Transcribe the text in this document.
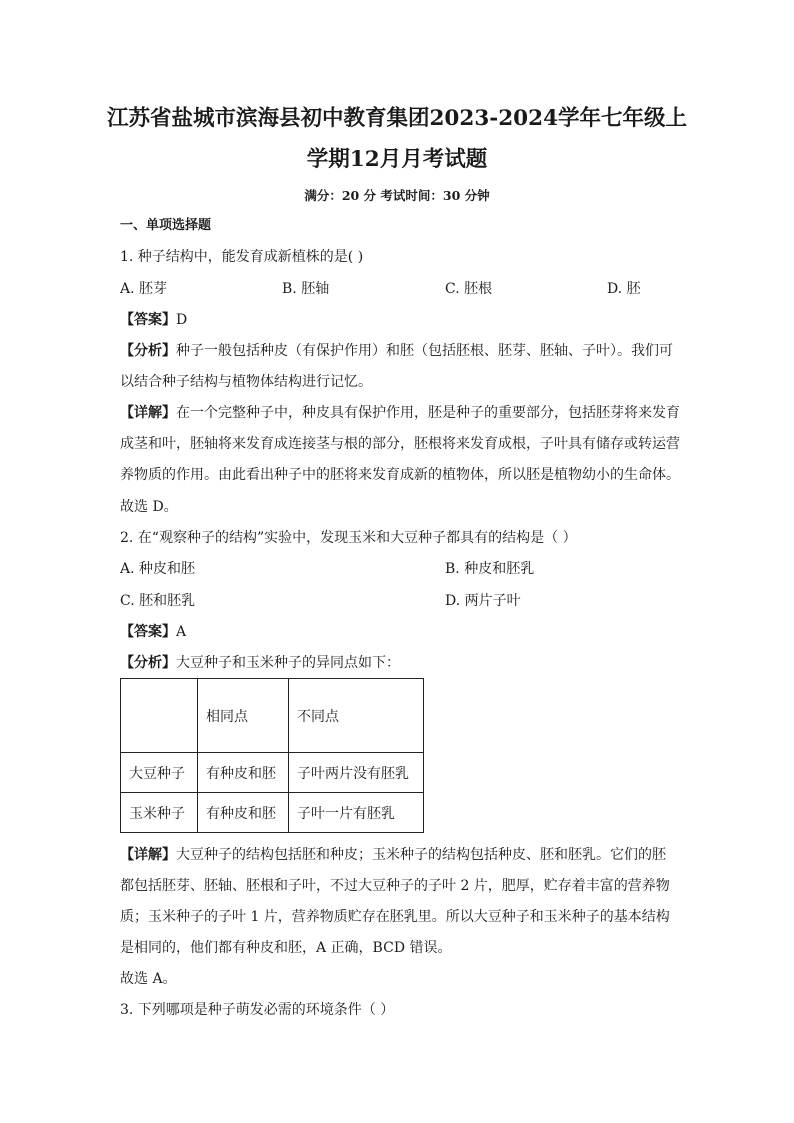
江苏省盐城市滨海县初中教育集团2023-2024学年七年级上
学期12月月考试题
满分：20 分 考试时间：30 分钟
一、单项选择题
1. 种子结构中，能发育成新植株的是( )
A. 胚芽	B. 胚轴	C. 胚根	D. 胚
【答案】D
【分析】种子一般包括种皮（有保护作用）和胚（包括胚根、胚芽、胚轴、子叶）。我们可
以结合种子结构与植物体结构进行记忆。
【详解】在一个完整种子中，种皮具有保护作用，胚是种子的重要部分，包括胚芽将来发育
成茎和叶，胚轴将来发育成连接茎与根的部分，胚根将来发育成根，子叶具有储存或转运营
养物质的作用。由此看出种子中的胚将来发育成新的植物体，所以胚是植物幼小的生命体。
故选 D。
2. 在“观察种子的结构”实验中，发现玉米和大豆种子都具有的结构是（ ）
A. 种皮和胚	B. 种皮和胚乳
C. 胚和胚乳	D. 两片子叶
【答案】A
【分析】大豆种子和玉米种子的异同点如下：
	相同点	不同点
大豆种子	有种皮和胚	子叶两片没有胚乳
玉米种子	有种皮和胚	子叶一片有胚乳
【详解】大豆种子的结构包括胚和种皮；玉米种子的结构包括种皮、胚和胚乳。它们的胚
都包括胚芽、胚轴、胚根和子叶，不过大豆种子的子叶 2 片，肥厚，贮存着丰富的营养物
质；玉米种子的子叶 1 片，营养物质贮存在胚乳里。所以大豆种子和玉米种子的基本结构
是相同的，他们都有种皮和胚，A 正确，BCD 错误。
故选 A。
3. 下列哪项是种子萌发必需的环境条件（ ）
